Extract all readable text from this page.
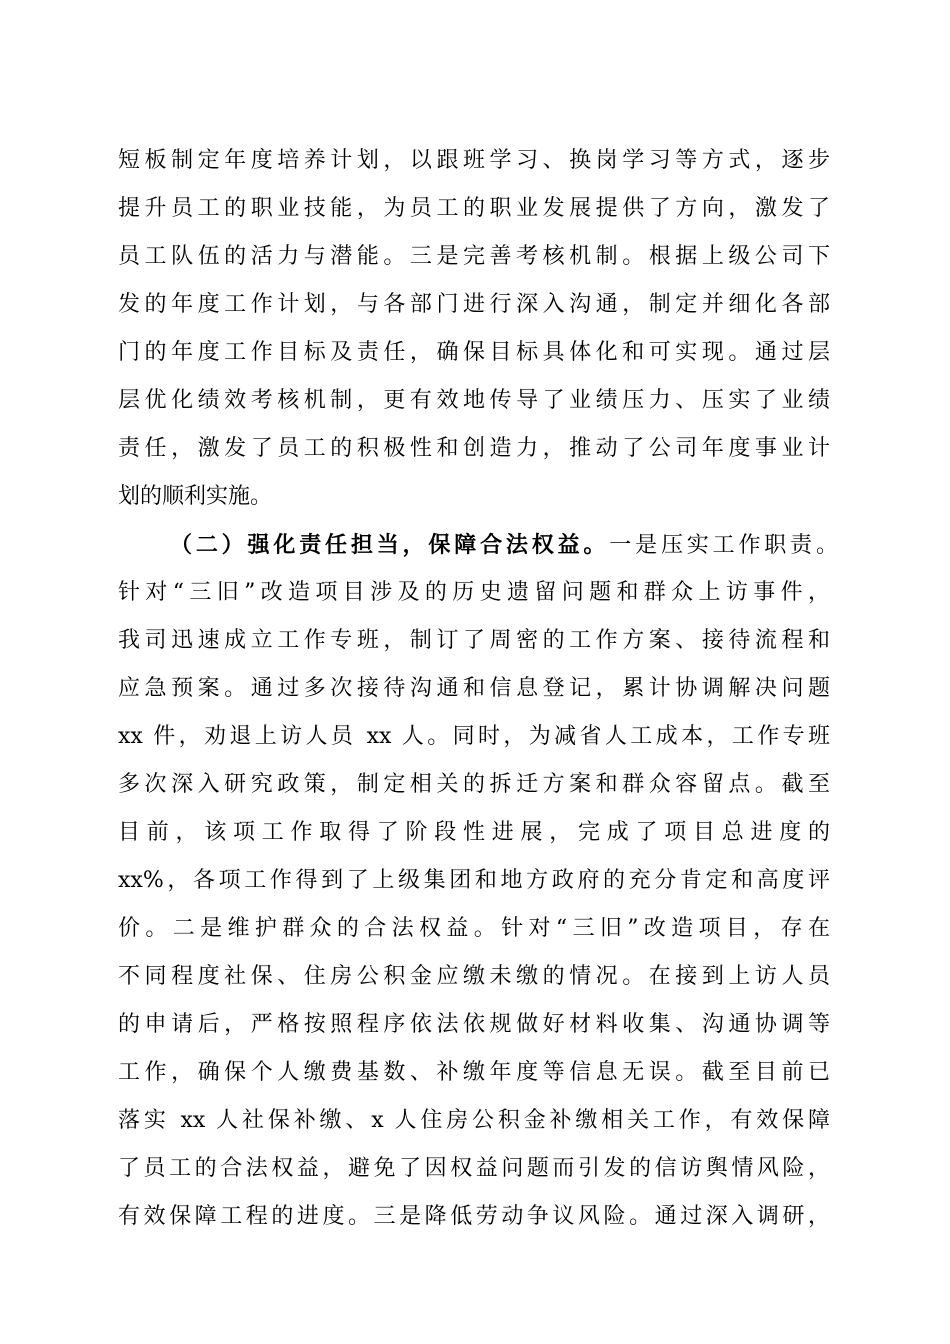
短板制定年度培养计划，以跟班学习、换岗学习等方式，逐步
提升员工的职业技能，为员工的职业发展提供了方向，激发了
员工队伍的活力与潜能。三是完善考核机制。根据上级公司下
发的年度工作计划，与各部门进行深入沟通，制定并细化各部
门的年度工作目标及责任，确保目标具体化和可实现。通过层
层优化绩效考核机制，更有效地传导了业绩压力、压实了业绩
责任，激发了员工的积极性和创造力，推动了公司年度事业计
划的顺利实施。
（二）强化责任担当，保障合法权益。一是压实工作职责。
针对“三旧”改造项目涉及的历史遗留问题和群众上访事件，
我司迅速成立工作专班，制订了周密的工作方案、接待流程和
应急预案。通过多次接待沟通和信息登记，累计协调解决问题
xx 件，劝退上访人员 xx 人。同时，为减省人工成本，工作专班
多次深入研究政策，制定相关的拆迁方案和群众容留点。截至
目前，该项工作取得了阶段性进展，完成了项目总进度的
xx%，各项工作得到了上级集团和地方政府的充分肯定和高度评
价。二是维护群众的合法权益。针对“三旧”改造项目，存在
不同程度社保、住房公积金应缴未缴的情况。在接到上访人员
的申请后，严格按照程序依法依规做好材料收集、沟通协调等
工作，确保个人缴费基数、补缴年度等信息无误。截至目前已
落实 xx 人社保补缴、x 人住房公积金补缴相关工作，有效保障
了员工的合法权益，避免了因权益问题而引发的信访舆情风险，
有效保障工程的进度。三是降低劳动争议风险。通过深入调研，
